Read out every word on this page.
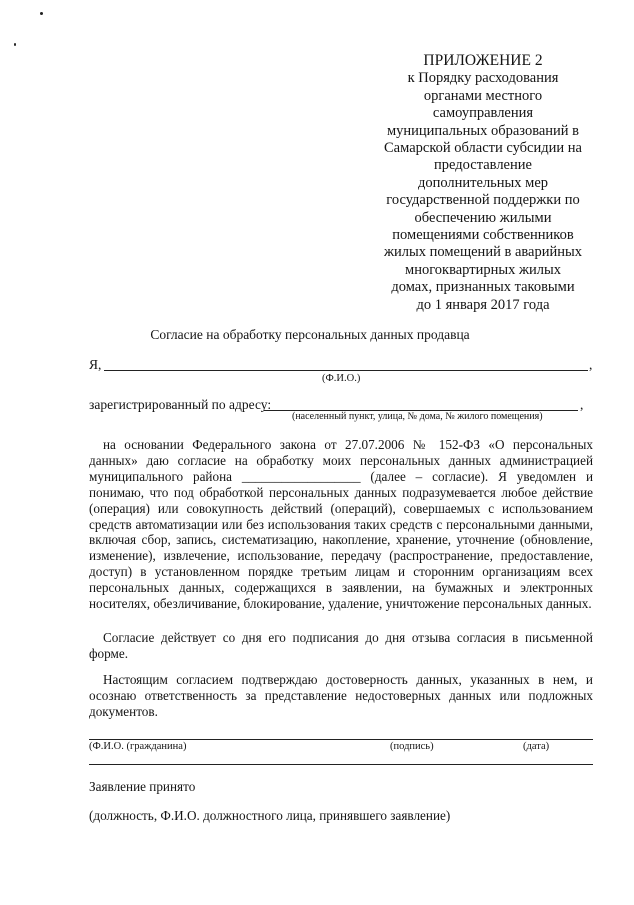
ПРИЛОЖЕНИЕ 2
к Порядку расходования
органами местного
самоуправления
муниципальных образований в
Самарской области субсидии на
предоставление
дополнительных мер
государственной поддержки по
обеспечению жилыми
помещениями собственников
жилых помещений в аварийных
многоквартирных жилых
домах, признанных таковыми
до 1 января 2017 года
Согласие на обработку персональных данных продавца
Я,	,
(Ф.И.О.)
зарегистрированный по адресу:	,
(населенный пункт, улица, № дома, № жилого помещения)
на основании Федерального закона от 27.07.2006 № 152-ФЗ «О персональных данных» даю согласие на обработку моих персональных данных администрацией муниципального района __________________ (далее – согласие). Я уведомлен и понимаю, что под обработкой персональных данных подразумевается любое действие (операция) или совокупность действий (операций), совершаемых с использованием средств автоматизации или без использования таких средств с персональными данными, включая сбор, запись, систематизацию, накопление, хранение, уточнение (обновление, изменение), извлечение, использование, передачу (распространение, предоставление, доступ) в установленном порядке третьим лицам и сторонним организациям всех персональных данных, содержащихся в заявлении, на бумажных и электронных носителях, обезличивание, блокирование, удаление, уничтожение персональных данных.
Согласие действует со дня его подписания до дня отзыва согласия в письменной форме.
Настоящим согласием подтверждаю достоверность данных, указанных в нем, и осознаю ответственность за представление недостоверных данных или подложных документов.
(Ф.И.О. (гражданина)	(подпись)	(дата)
Заявление принято
(должность, Ф.И.О. должностного лица, принявшего заявление)
